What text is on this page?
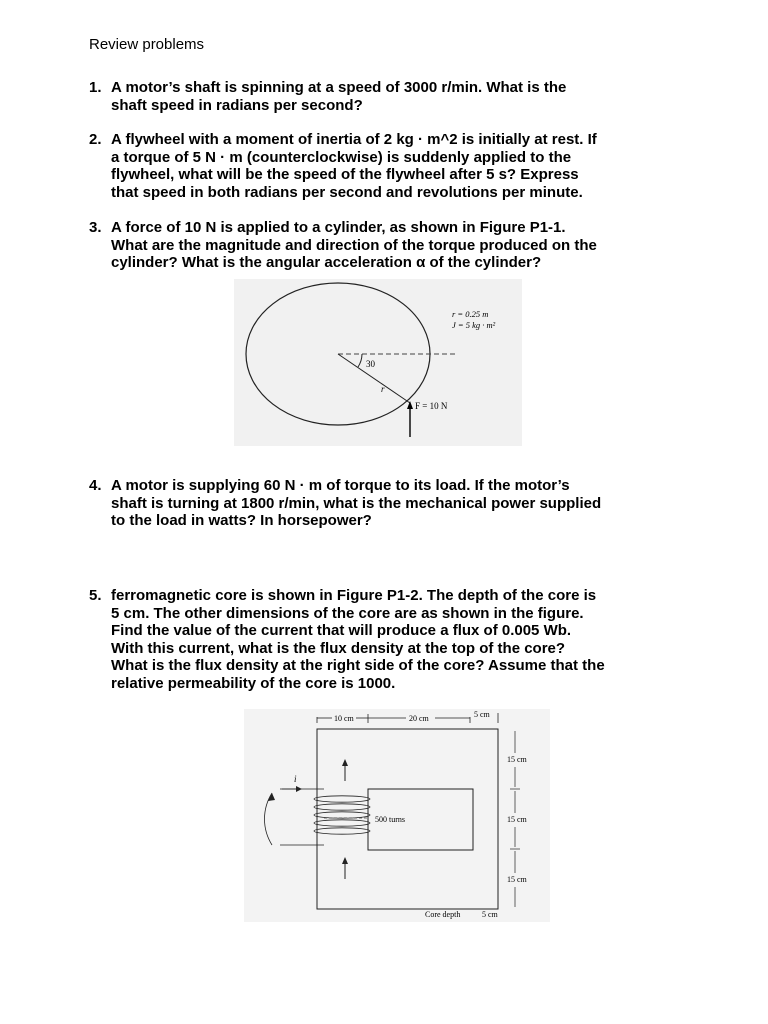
Review problems
1. A motor’s shaft is spinning at a speed of 3000 r/min. What is the
shaft speed in radians per second?
2. A flywheel with a moment of inertia of 2 kg · m^2 is initially at rest. If
a torque of 5 N · m (counterclockwise) is suddenly applied to the
flywheel, what will be the speed of the flywheel after 5 s? Express
that speed in both radians per second and revolutions per minute.
3. A force of 10 N is applied to a cylinder, as shown in Figure P1-1.
What are the magnitude and direction of the torque produced on the
cylinder? What is the angular acceleration α of the cylinder?
30
r
F = 10 N
r = 0.25 m
J = 5 kg · m²
4. A motor is supplying 60 N · m of torque to its load. If the motor’s
shaft is turning at 1800 r/min, what is the mechanical power supplied
to the load in watts? In horsepower?
5. ferromagnetic core is shown in Figure P1-2. The depth of the core is
5 cm. The other dimensions of the core are as shown in the figure.
Find the value of the current that will produce a flux of 0.005 Wb.
With this current, what is the flux density at the top of the core?
What is the flux density at the right side of the core? Assume that the
relative permeability of the core is 1000.
10 cm	20 cm	5 cm
15 cm
15 cm
15 cm
500 turns
i
Core depth	5 cm
